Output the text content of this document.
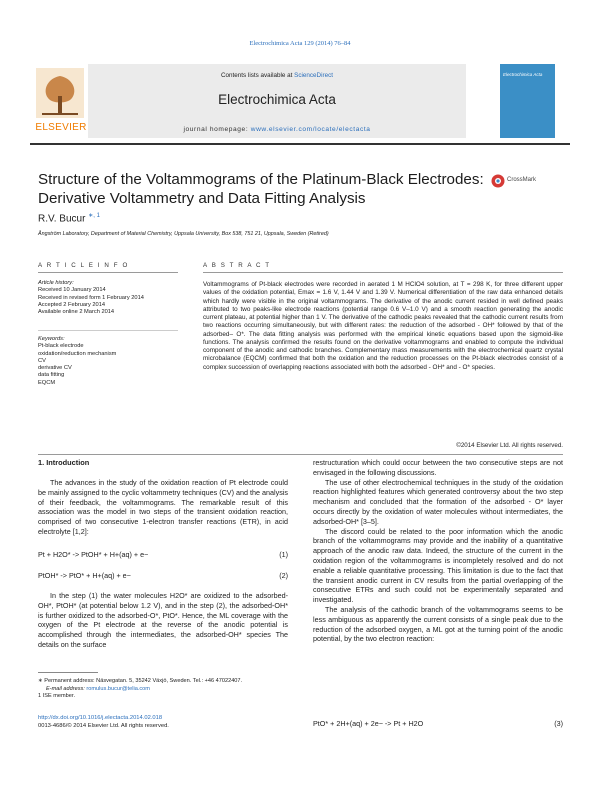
Electrochimica Acta 129 (2014) 76–84
ELSEVIER
Contents lists available at ScienceDirect
Electrochimica Acta
journal homepage: www.elsevier.com/locate/electacta
Electrochimica Acta
Structure of the Voltammograms of the Platinum-Black Electrodes:
Derivative Voltammetry and Data Fitting Analysis
CrossMark
R.V. Bucur $^{∗, 1}$
Ångström Laboratory, Department of Material Chemistry, Uppsala University, Box 538, 751 21, Uppsala, Sweden (Retired)
A R T I C L E I N F O	A B S T R A C T
Article history:
Received 10 January 2014
Received in revised form 1 February 2014
Accepted 2 February 2014
Available online 2 March 2014
Keywords:
Pt-black electrode
oxidation/reduction mechanism
CV
derivative CV
data fitting
EQCM
Voltammograms of Pt-black electrodes were recorded in aerated 1 M HClO4 solution, at T = 298 K, for three different upper values of the oxidation potential, Emax = 1.6 V, 1.44 V and 1.39 V. Numerical differentiation of the raw data enhanced details which hardly were visible in the original voltammograms. The derivative of the anodic current resided in well defined peaks attributed to two peaks-like electrode reactions (potential range 0.6 V–1.0 V) and a smooth reaction generating the anodic current plateau, at potential higher than 1 V. The derivative of the cathodic peaks revealed that the cathodic current results from two reactions occurring simultaneously, but with different rates: the reduction of the adsorbed - OH* followed by that of the adsorbed– O*. The data fitting analysis was performed with the empirical kinetic equations based upon the sigmoid-like functions. The analysis confirmed the results found on the derivative voltammograms and enabled to compute the individual component of the anodic and cathodic branches. Complementary mass measurements with the electrochemical quartz crystal microbalance (EQCM) confirmed that both the oxidation and the reduction processes on the Pt-black electrodes consist of a complex succession of overlapping reactions associated with both the adsorbed - OH* and - O* species.
©2014 Elsevier Ltd. All rights reserved.
1. Introduction

The advances in the study of the oxidation reaction of Pt electrode could be mainly assigned to the cyclic voltammetry techniques (CV) and the analysis of their feedback, the voltammograms. The remarkable result of this association was the model in two steps of the transient oxidation reaction, comprised of two consecutive 1-electron transfer reactions (ETR), in acid electrolyte [1,2]:

Pt + H2O* -> PtOH* + H+(aq) + e−	(1)
PtOH* -> PtO* + H+(aq) + e−	(2)

In the step (1) the water molecules H2O* are oxidized to the adsorbed-OH*, PtOH* (at potential below 1.2 V), and in the step (2), the adsorbed-OH* is further oxidized to the adsorbed-O*, PtO*. Hence, the ML coverage with the oxygen of the Pt electrode at the reverse of the anodic potential is accomplished through the intermediates, the adsorbed-OH* species The details on the surface

∗ Permanent address: Näsvegatan. 5, 35242 Växjö, Sweden. Tel.: +46 47022407.
E-mail address: romulus.bucur@telia.com
1 ISE member.
http://dx.doi.org/10.1016/j.electacta.2014.02.018
0013-4686/© 2014 Elsevier Ltd. All rights reserved.
restructuration which could occur between the two consecutive steps are not envisaged in the following discussions.

The use of other electrochemical techniques in the study of the oxidation reaction highlighted features which generated controversy about the two step mechanism and concluded that the formation of the adsorbed - O* layer occurs directly by the oxidation of water molecules without intermediates, the adsorbed-OH* [3–5].

The discord could be related to the poor information which the anodic branch of the voltammograms may provide and the inability of a quantitative approach of the anodic raw data. Indeed, the structure of the current in the oxidation region of the voltammograms is incompletely resolved and do not enable a reliable quantitative processing. This limitation is due to the fact that the transient anodic current in CV results from the partial overlapping of the consecutive ETRs and such could not be experimentally separated and investigated.

The analysis of the cathodic branch of the voltammograms seems to be less ambiguous as apparently the current consists of a single peak due to the reduction of the adsorbed oxygen, a ML got at the turning point of the anodic potential, by the two electron reaction:

PtO* + 2H+(aq) + 2e− -> Pt + H2O	(3)
